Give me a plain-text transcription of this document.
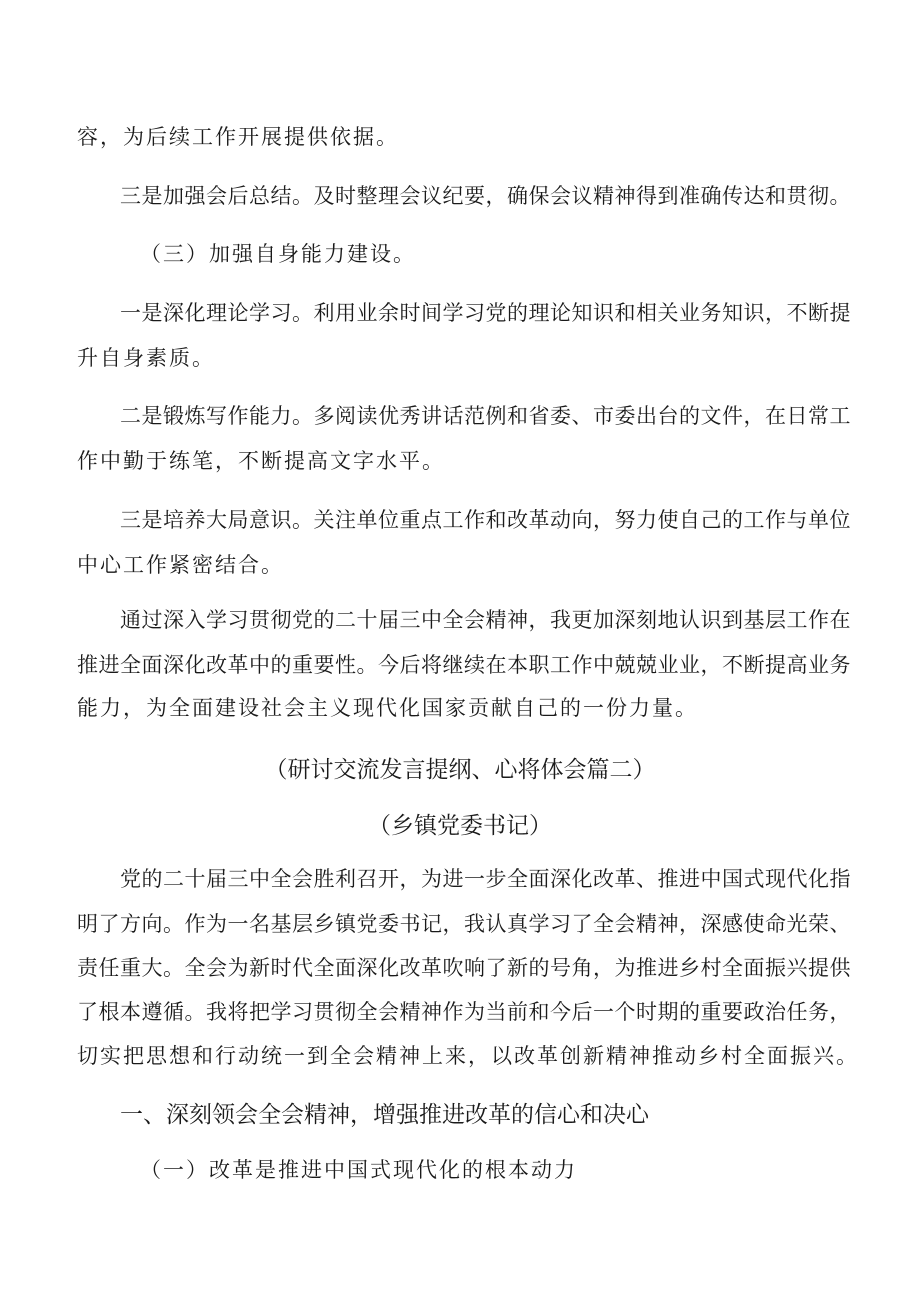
容，为后续工作开展提供依据。
三是加强会后总结。及时整理会议纪要，确保会议精神得到准确传达和贯彻。
（三）加强自身能力建设。
一是深化理论学习。利用业余时间学习党的理论知识和相关业务知识，不断提
升自身素质。
二是锻炼写作能力。多阅读优秀讲话范例和省委、市委出台的文件，在日常工
作中勤于练笔，不断提高文字水平。
三是培养大局意识。关注单位重点工作和改革动向，努力使自己的工作与单位
中心工作紧密结合。
通过深入学习贯彻党的二十届三中全会精神，我更加深刻地认识到基层工作在
推进全面深化改革中的重要性。今后将继续在本职工作中兢兢业业，不断提高业务
能力，为全面建设社会主义现代化国家贡献自己的一份力量。
（研讨交流发言提纲、心将体会篇二）
（乡镇党委书记）
党的二十届三中全会胜利召开，为进一步全面深化改革、推进中国式现代化指
明了方向。作为一名基层乡镇党委书记，我认真学习了全会精神，深感使命光荣、
责任重大。全会为新时代全面深化改革吹响了新的号角，为推进乡村全面振兴提供
了根本遵循。我将把学习贯彻全会精神作为当前和今后一个时期的重要政治任务，
切实把思想和行动统一到全会精神上来，以改革创新精神推动乡村全面振兴。
一、深刻领会全会精神，增强推进改革的信心和决心
（一）改革是推进中国式现代化的根本动力
